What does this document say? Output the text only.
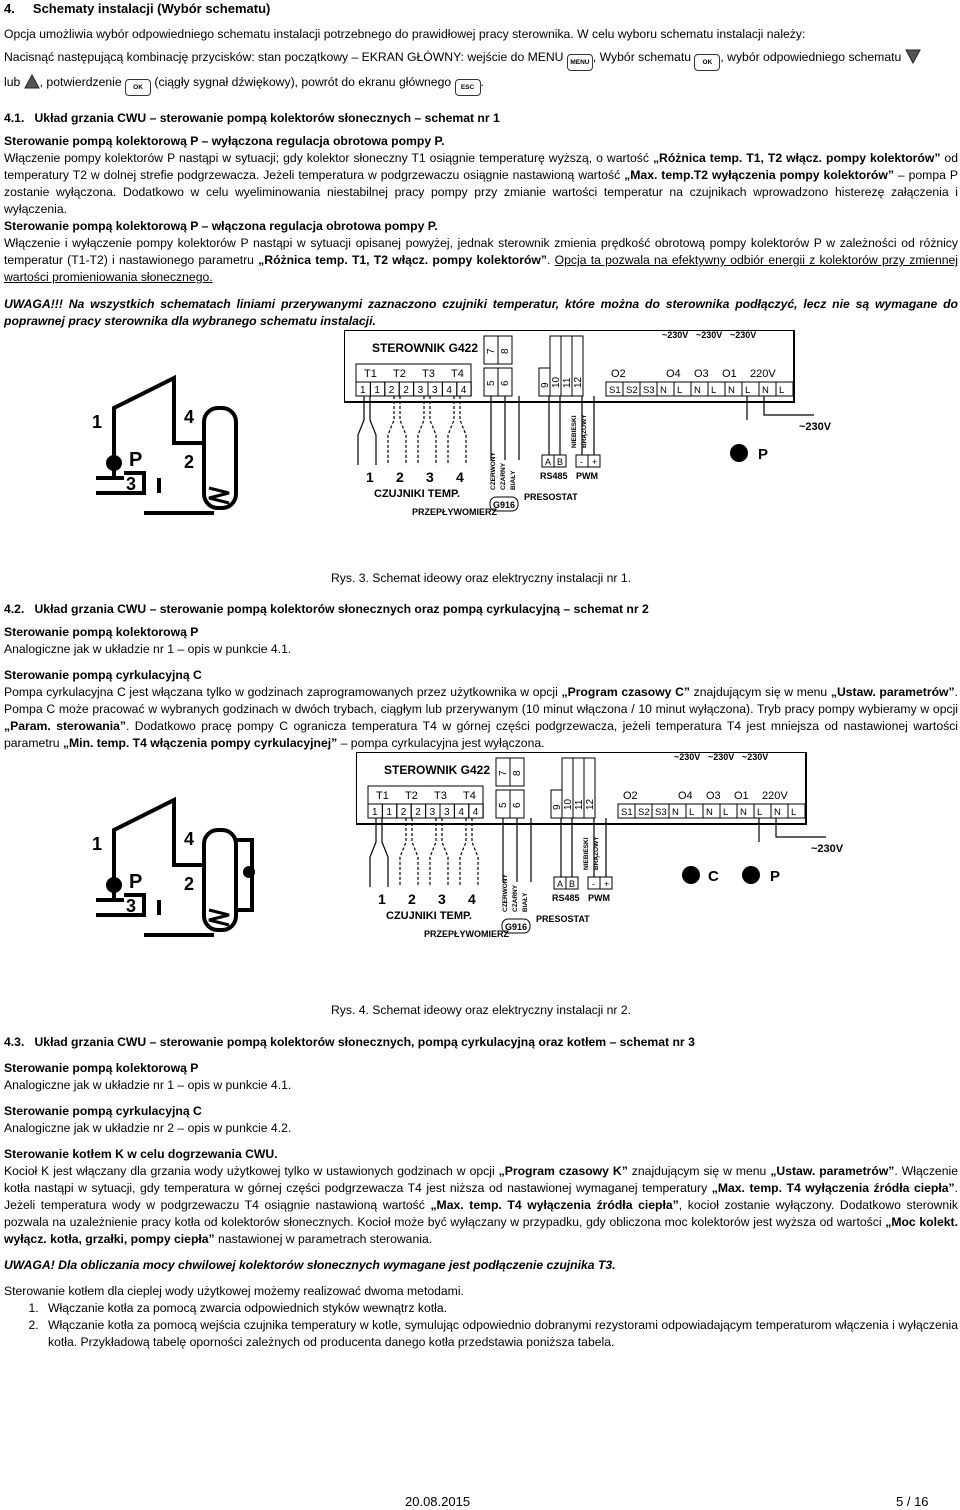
4.     Schematy instalacji (Wybór schematu)

Opcja umożliwia wybór odpowiedniego schematu instalacji potrzebnego do prawidłowej pracy sterownika. W celu wyboru schematu instalacji należy:

Nacisnąć następującą kombinację przycisków: stan początkowy – EKRAN GŁÓWNY: wejście do MENU MENU , Wybór schematu OK , wybór odpowiedniego schematu

lub , potwierdzenie OK (ciągły sygnał dźwiękowy), powrót do ekranu głównego ESC .

4.1.   Układ grzania CWU – sterowanie pompą kolektorów słonecznych – schemat nr 1
Sterowanie pompą kolektorową P – wyłączona regulacja obrotowa pompy P.

Włączenie pompy kolektorów P nastąpi w sytuacji; gdy kolektor słoneczny T1 osiągnie temperaturę wyższą, o wartość „Różnica temp. T1, T2 włącz. pompy kolektorów” od temperatury T2 w dolnej strefie podgrzewacza. Jeżeli temperatura w podgrzewaczu osiągnie nastawioną wartość „Max. temp.T2 wyłączenia pompy kolektorów” – pompa P zostanie wyłączona. Dodatkowo w celu wyeliminowania niestabilnej pracy pompy przy zmianie wartości temperatur na czujnikach wprowadzono histerezę załączenia i wyłączenia.

Sterowanie pompą kolektorową P – włączona regulacja obrotowa pompy P.

Włączenie i wyłączenie pompy kolektorów P nastąpi w sytuacji opisanej powyżej, jednak sterownik zmienia prędkość obrotową pompy kolektorów P w zależności od różnicy temperatur (T1-T2) i nastawionego parametru „Różnica temp. T1, T2 włącz. pompy kolektorów”. Opcja ta pozwala na efektywny odbiór energii z kolektorów przy zmiennej wartości promieniowania słonecznego.

UWAGA!!! Na wszystkich schematach liniami przerywanymi zaznaczono czujniki temperatur, które można do sterownika podłączyć, lecz nie są wymagane do poprawnej pracy sterownika dla wybranego schematu instalacji.

P
3
4
2
1
STEROWNIK G422
T1 T2 T3 T4
1 1 2 2 3 3 4 4
5 6
7 8
9 10 11 12
O2	O4 O3 O1 220V
S1 S2 S3 N L N L N L N L
~230V ~230V ~230V
~230V
1 2 3 4
CZUJNIKI TEMP.
PRZEPŁYWOMIERZ
G916
CZERWONY CZARNY BIAŁY
NIEBIESKI BRĄZOWY
A B
RS485
- +
PWM
PRESOSTAT
P
Rys. 3. Schemat ideowy oraz elektryczny instalacji nr 1.
4.2.   Układ grzania CWU – sterowanie pompą kolektorów słonecznych oraz pompą cyrkulacyjną – schemat nr 2
Sterowanie pompą kolektorową P

Analogiczne jak w układzie nr 1 – opis w punkcie 4.1.

Sterowanie pompą cyrkulacyjną C

Pompa cyrkulacyjna C jest włączana tylko w godzinach zaprogramowanych przez użytkownika w opcji „Program czasowy C” znajdującym się w menu „Ustaw. parametrów”. Pompa C może pracować w wybranych godzinach w dwóch trybach, ciągłym lub przerywanym (10 minut włączona / 10 minut wyłączona). Tryb pracy pompy wybieramy w opcji „Param. sterowania”. Dodatkowo pracę pompy C ogranicza temperatura T4 w górnej części podgrzewacza, jeżeli temperatura T4 jest mniejsza od nastawionej wartości parametru „Min. temp. T4 włączenia pompy cyrkulacyjnej” – pompa cyrkulacyjna jest wyłączona.

P
3
4
2
1
STEROWNIK G422
T1 T2 T3 T4
1 1 2 2 3 3 4 4
5 6
7 8
9 10 11 12
O2	O4 O3 O1 220V
S1 S2 S3 N L N L N L N L
~230V ~230V ~230V
~230V
1 2 3 4
CZUJNIKI TEMP.
PRZEPŁYWOMIERZ
G916
CZERWONY CZARNY BIAŁY
NIEBIESKI BRĄZOWY
A B
RS485
- +
PWM
PRESOSTAT
P
C
Rys. 4. Schemat ideowy oraz elektryczny instalacji nr 2.
4.3.   Układ grzania CWU – sterowanie pompą kolektorów słonecznych, pompą cyrkulacyjną oraz kotłem – schemat nr 3
Sterowanie pompą kolektorową P

Analogiczne jak w układzie nr 1 – opis w punkcie 4.1.

Sterowanie pompą cyrkulacyjną C

Analogiczne jak w układzie nr 2 – opis w punkcie 4.2.

Sterowanie kotłem K w celu dogrzewania CWU.

Kocioł K jest włączany dla grzania wody użytkowej tylko w ustawionych godzinach w opcji „Program czasowy K” znajdującym się w menu „Ustaw. parametrów”. Włączenie kotła nastąpi w sytuacji, gdy temperatura w górnej części podgrzewacza T4 jest niższa od nastawionej wymaganej temperatury „Max. temp. T4 wyłączenia źródła ciepła”. Jeżeli temperatura wody w podgrzewaczu T4 osiągnie nastawioną wartość „Max. temp. T4 wyłączenia źródła ciepła”, kocioł zostanie wyłączony. Dodatkowo sterownik pozwala na uzależnienie pracy kotła od kolektorów słonecznych. Kocioł może być wyłączany w przypadku, gdy obliczona moc kolektorów jest wyższa od wartości „Moc kolekt. wyłącz. kotła, grzałki, pompy ciepła” nastawionej w parametrach sterowania.

UWAGA! Dla obliczania mocy chwilowej kolektorów słonecznych wymagane jest podłączenie czujnika T3.

Sterowanie kotłem dla cieplej wody użytkowej możemy realizować dwoma metodami.

1. Włączanie kotła za pomocą zwarcia odpowiednich styków wewnątrz kotła.
2. Włączanie kotła za pomocą wejścia czujnika temperatury w kotle, symulując odpowiednio dobranymi rezystorami odpowiadającym temperaturom włączenia i wyłączenia kotła. Przykładową tabelę oporności zależnych od producenta danego kotła przedstawia poniższa tabela.
20.08.2015	5 / 16
